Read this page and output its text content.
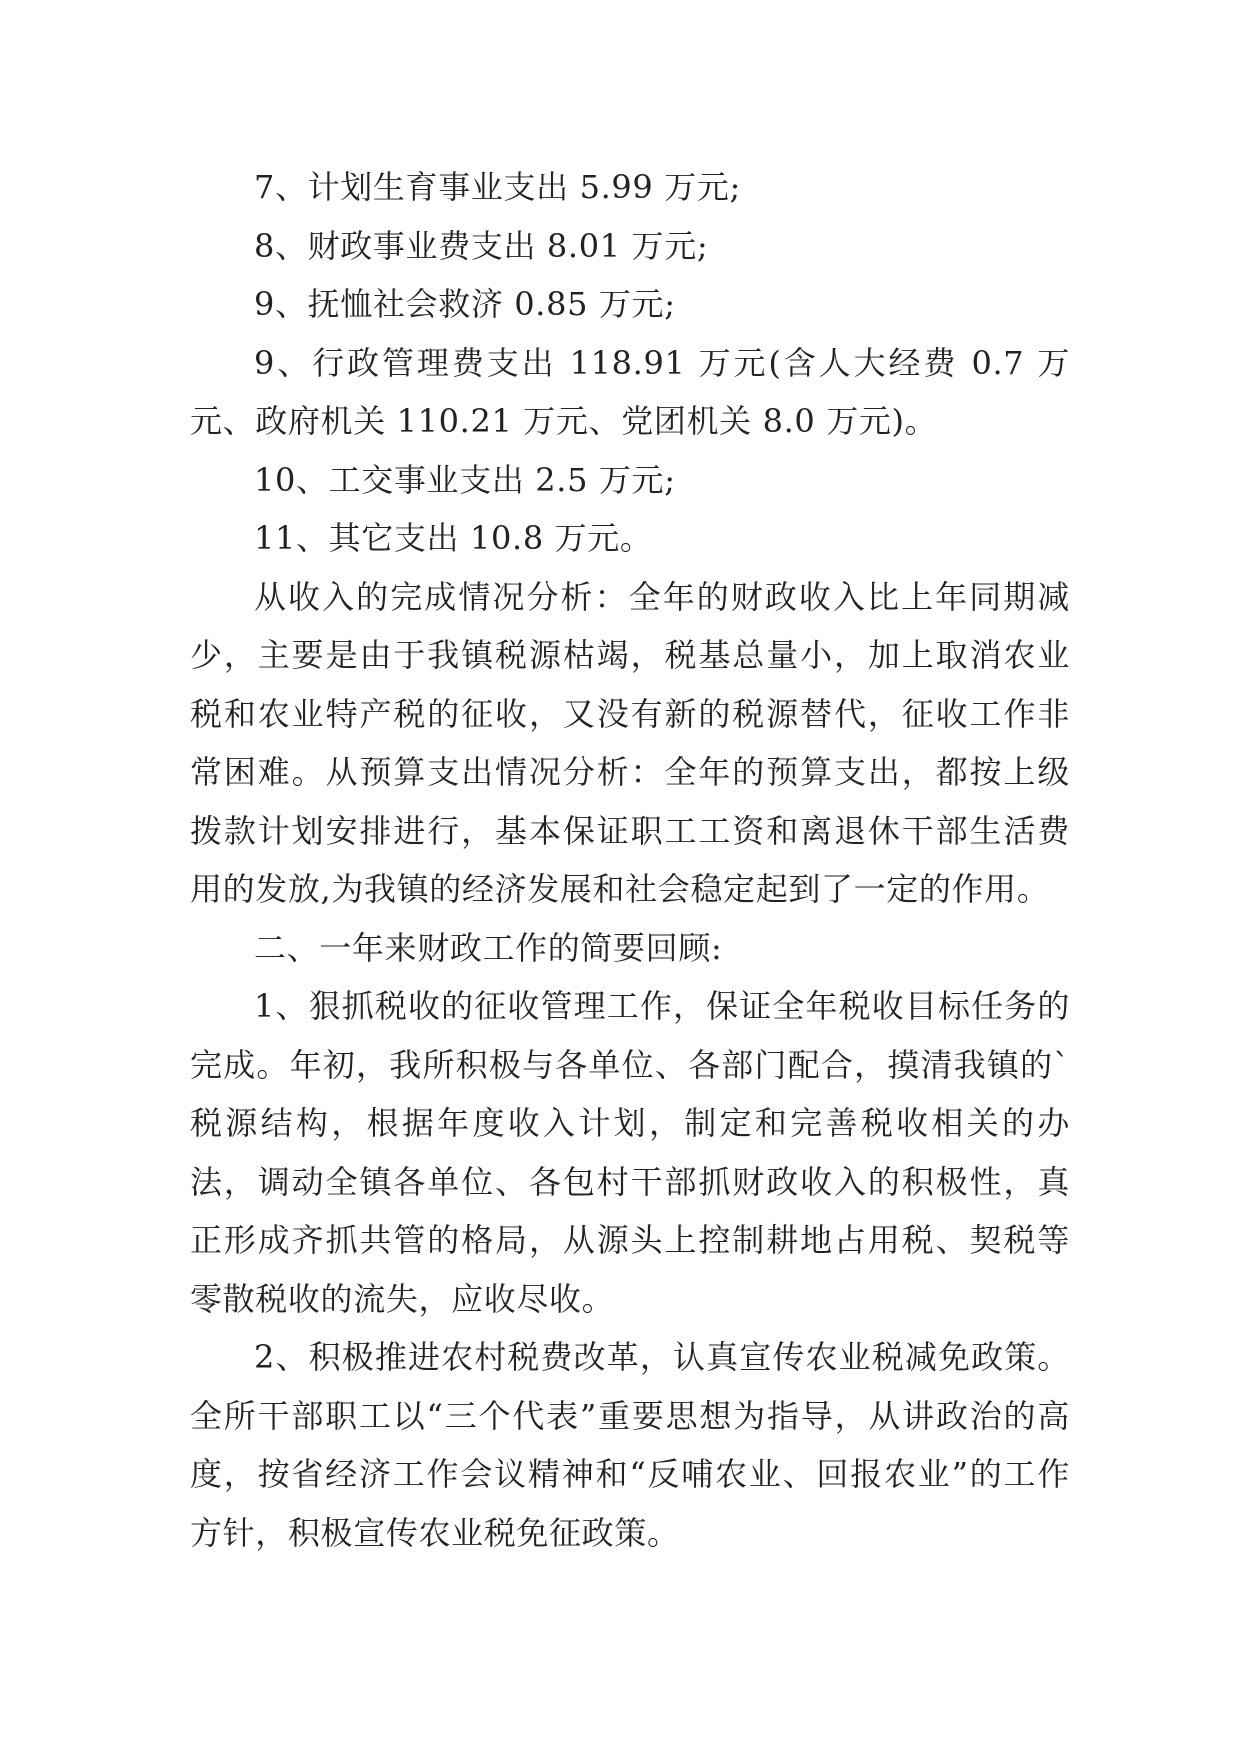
7、计划生育事业支出 5.99 万元;

8、财政事业费支出 8.01 万元;

9、抚恤社会救济 0.85 万元;

9、行政管理费支出 118.91 万元(含人大经费 0.7 万元、政府机关 110.21 万元、党团机关 8.0 万元)。

10、工交事业支出 2.5 万元;

11、其它支出 10.8 万元。

从收入的完成情况分析：全年的财政收入比上年同期减少，主要是由于我镇税源枯竭，税基总量小，加上取消农业税和农业特产税的征收，又没有新的税源替代，征收工作非常困难。从预算支出情况分析：全年的预算支出，都按上级拨款计划安排进行，基本保证职工工资和离退休干部生活费用的发放,为我镇的经济发展和社会稳定起到了一定的作用。

二、一年来财政工作的简要回顾:

1、狠抓税收的征收管理工作，保证全年税收目标任务的完成。年初，我所积极与各单位、各部门配合，摸清我镇的`税源结构，根据年度收入计划，制定和完善税收相关的办法，调动全镇各单位、各包村干部抓财政收入的积极性，真正形成齐抓共管的格局，从源头上控制耕地占用税、契税等零散税收的流失，应收尽收。

2、积极推进农村税费改革，认真宣传农业税减免政策。全所干部职工以“三个代表”重要思想为指导，从讲政治的高度，按省经济工作会议精神和“反哺农业、回报农业”的工作方针，积极宣传农业税免征政策。
